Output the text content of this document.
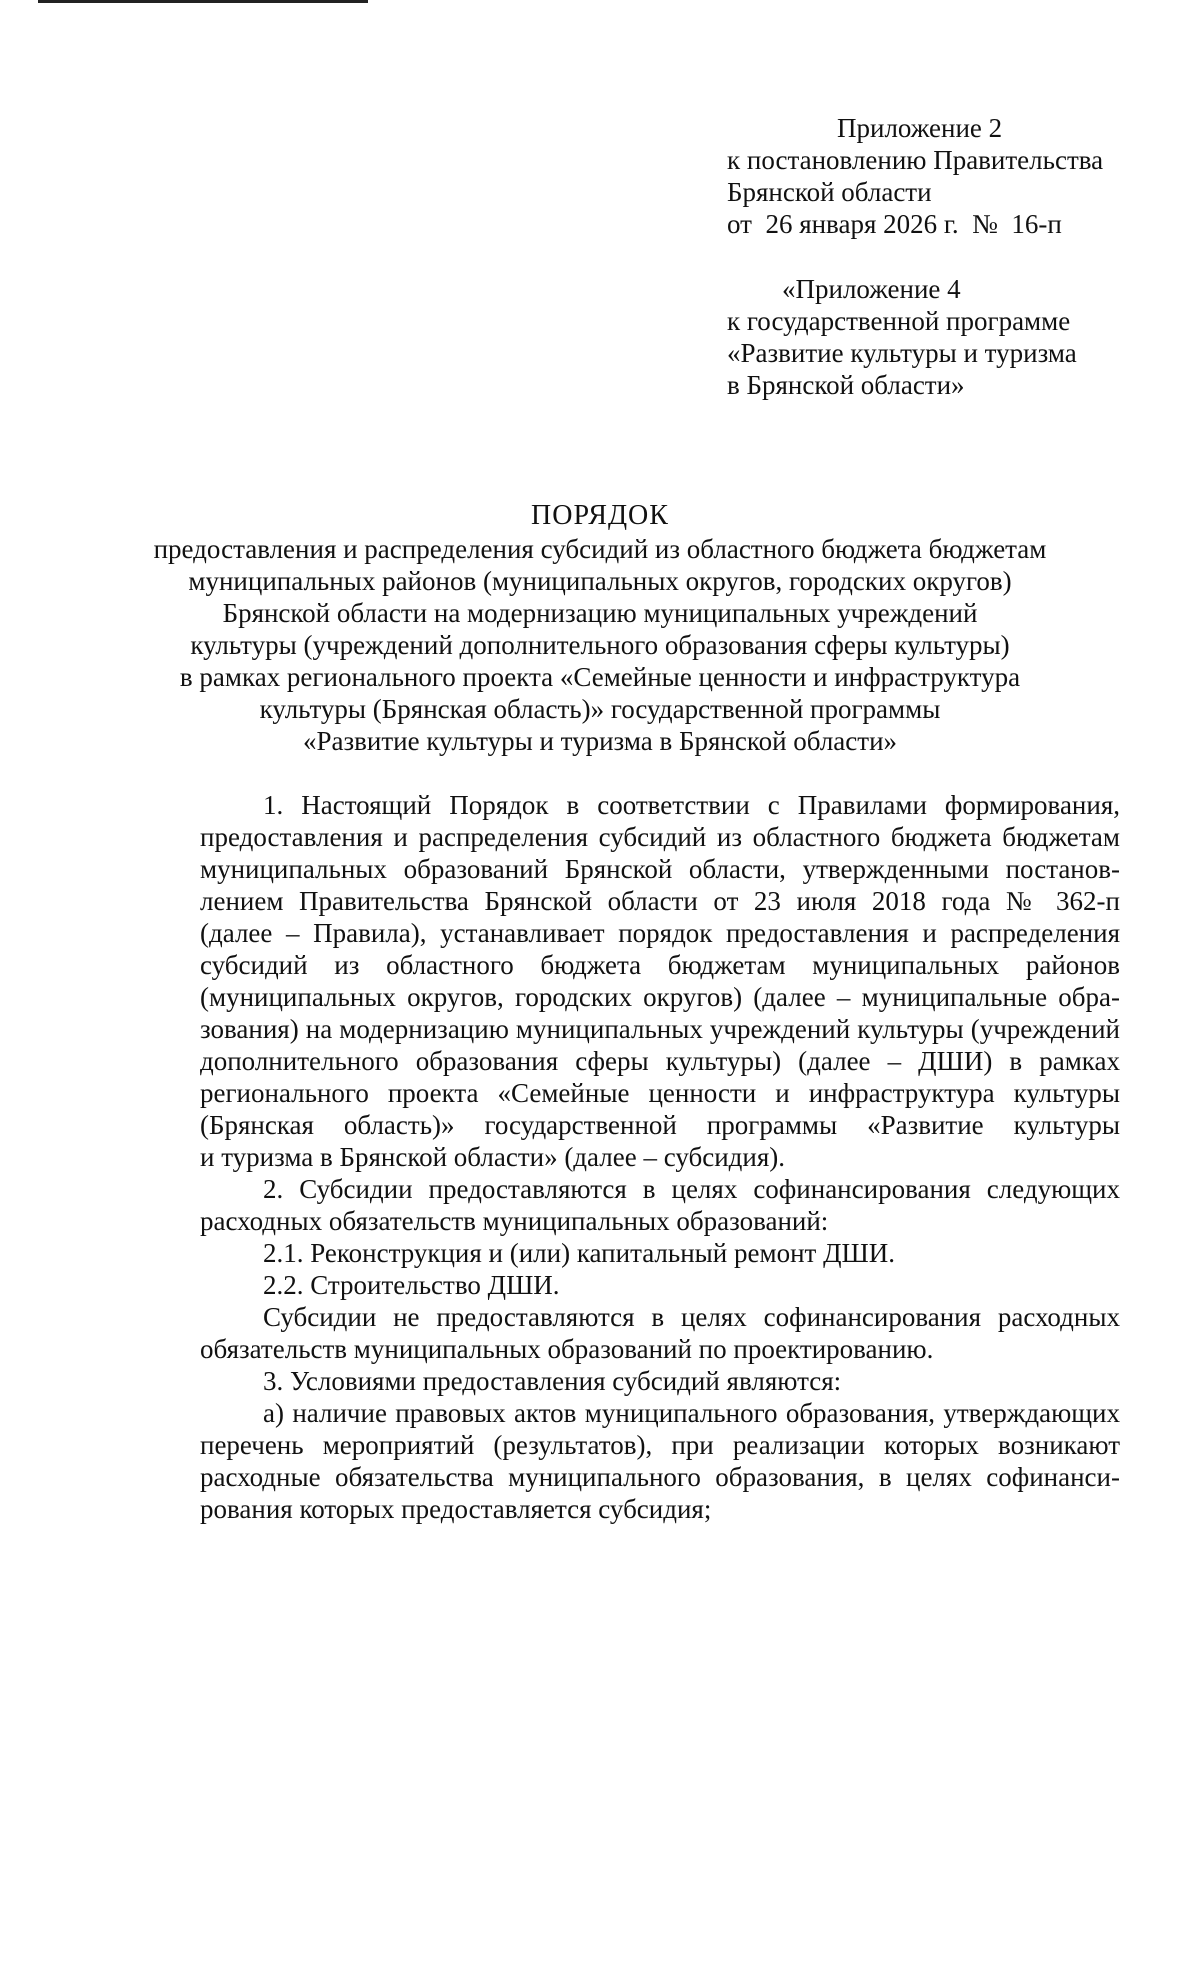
Приложение 2
к постановлению Правительства
Брянской области
от  26 января 2026 г.  №  16-п
«Приложение 4
к государственной программе
«Развитие культуры и туризма
в Брянской области»
ПОРЯДОК
предоставления и распределения субсидий из областного бюджета бюджетам
муниципальных районов (муниципальных округов, городских округов)
Брянской области на модернизацию муниципальных учреждений
культуры (учреждений дополнительного образования сферы культуры)
в рамках регионального проекта «Семейные ценности и инфраструктура
культуры (Брянская область)» государственной программы
«Развитие культуры и туризма в Брянской области»
1. Настоящий Порядок в соответствии с Правилами формирования,
предоставления и распределения субсидий из областного бюджета бюджетам
муниципальных образований Брянской области, утвержденными постанов-
лением Правительства Брянской области от 23 июля 2018 года № 362-п
(далее – Правила), устанавливает порядок предоставления и распределения
субсидий из областного бюджета бюджетам муниципальных районов
(муниципальных округов, городских округов) (далее – муниципальные обра-
зования) на модернизацию муниципальных учреждений культуры (учреждений
дополнительного образования сферы культуры) (далее – ДШИ) в рамках
регионального проекта «Семейные ценности и инфраструктура культуры
(Брянская область)» государственной программы «Развитие культуры
и туризма в Брянской области» (далее – субсидия).
2. Субсидии предоставляются в целях софинансирования следующих
расходных обязательств муниципальных образований:
2.1. Реконструкция и (или) капитальный ремонт ДШИ.
2.2. Строительство ДШИ.
Субсидии не предоставляются в целях софинансирования расходных
обязательств муниципальных образований по проектированию.
3. Условиями предоставления субсидий являются:
а) наличие правовых актов муниципального образования, утверждающих
перечень мероприятий (результатов), при реализации которых возникают
расходные обязательства муниципального образования, в целях софинанси-
рования которых предоставляется субсидия;
